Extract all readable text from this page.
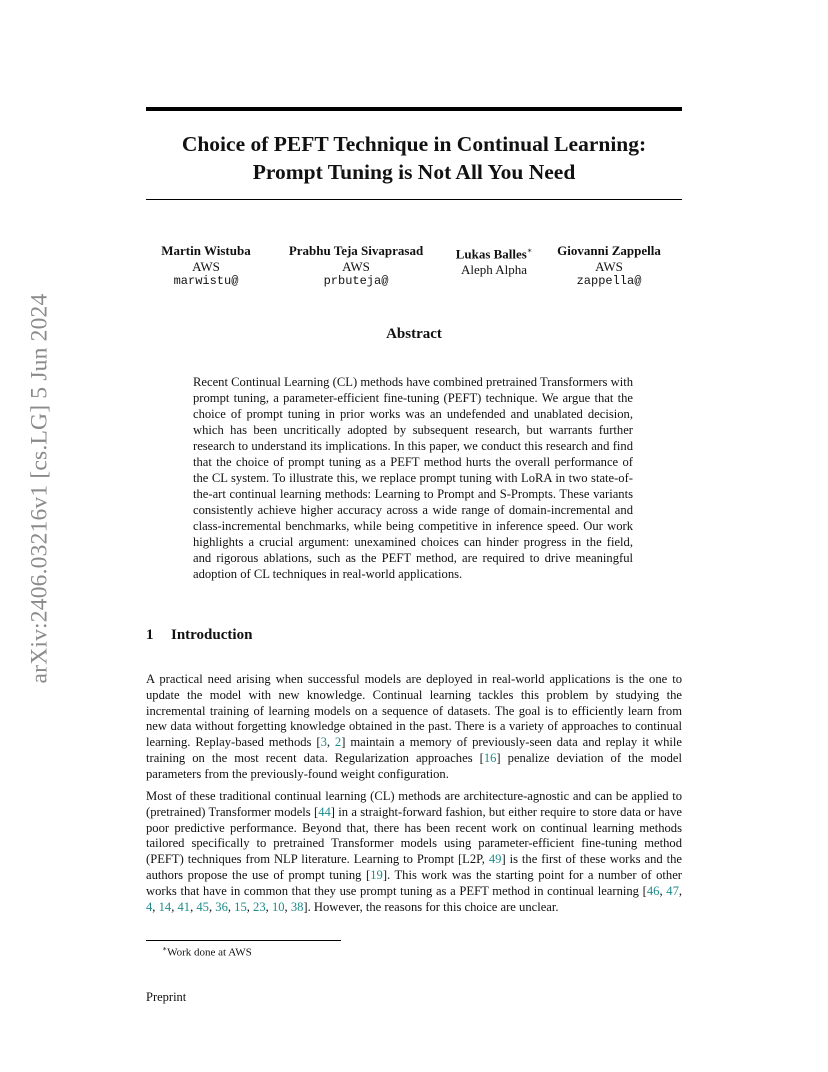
arXiv:2406.03216v1 [cs.LG] 5 Jun 2024
Choice of PEFT Technique in Continual Learning:
Prompt Tuning is Not All You Need
Martin Wistuba
AWS
marwistu@
Prabhu Teja Sivaprasad
AWS
prbuteja@
Lukas Balles∗
Aleph Alpha
Giovanni Zappella
AWS
zappella@
Abstract

Recent Continual Learning (CL) methods have combined pretrained Transformers with prompt tuning, a parameter-efficient fine-tuning (PEFT) technique. We argue that the choice of prompt tuning in prior works was an undefended and unablated decision, which has been uncritically adopted by subsequent research, but warrants further research to understand its implications. In this paper, we conduct this research and find that the choice of prompt tuning as a PEFT method hurts the overall performance of the CL system. To illustrate this, we replace prompt tuning with LoRA in two state-of-the-art continual learning methods: Learning to Prompt and S-Prompts. These variants consistently achieve higher accuracy across a wide range of domain-incremental and class-incremental benchmarks, while being competitive in inference speed. Our work highlights a crucial argument: unexamined choices can hinder progress in the field, and rigorous ablations, such as the PEFT method, are required to drive meaningful adoption of CL techniques in real-world applications.

1 Introduction

A practical need arising when successful models are deployed in real-world applications is the one to update the model with new knowledge. Continual learning tackles this problem by studying the incremental training of learning models on a sequence of datasets. The goal is to efficiently learn from new data without forgetting knowledge obtained in the past. There is a variety of approaches to continual learning. Replay-based methods [3, 2] maintain a memory of previously-seen data and replay it while training on the most recent data. Regularization approaches [16] penalize deviation of the model parameters from the previously-found weight configuration.

Most of these traditional continual learning (CL) methods are architecture-agnostic and can be applied to (pretrained) Transformer models [44] in a straight-forward fashion, but either require to store data or have poor predictive performance. Beyond that, there has been recent work on continual learning methods tailored specifically to pretrained Transformer models using parameter-efficient fine-tuning method (PEFT) techniques from NLP literature. Learning to Prompt [L2P, 49] is the first of these works and the authors propose the use of prompt tuning [19]. This work was the starting point for a number of other works that have in common that they use prompt tuning as a PEFT method in continual learning [46, 47, 4, 14, 41, 45, 36, 15, 23, 10, 38]. However, the reasons for this choice are unclear.

∗Work done at AWS

Preprint
